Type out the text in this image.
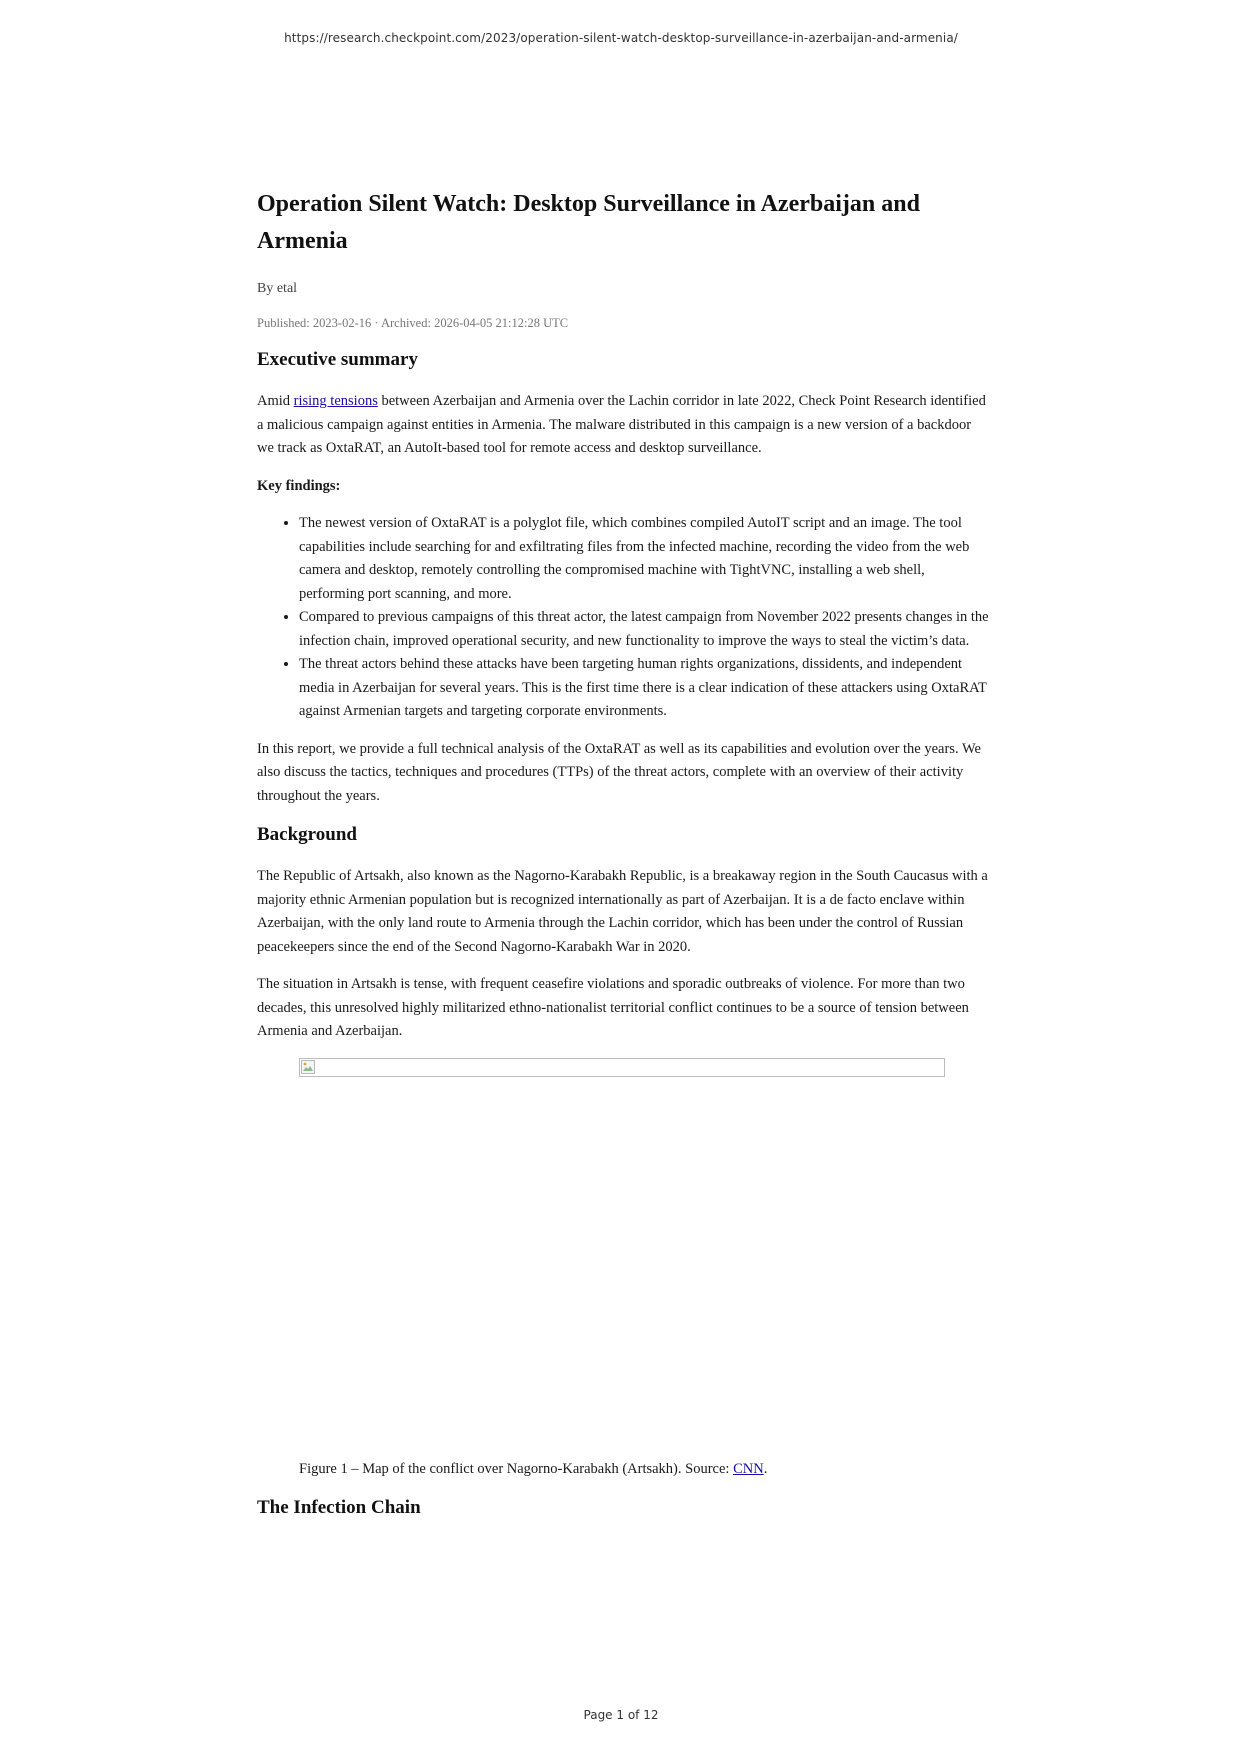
https://research.checkpoint.com/2023/operation-silent-watch-desktop-surveillance-in-azerbaijan-and-armenia/
Operation Silent Watch: Desktop Surveillance in Azerbaijan and Armenia
By etal
Published: 2023-02-16 · Archived: 2026-04-05 21:12:28 UTC
Executive summary

Amid rising tensions between Azerbaijan and Armenia over the Lachin corridor in late 2022, Check Point Research identified a malicious campaign against entities in Armenia. The malware distributed in this campaign is a new version of a backdoor we track as OxtaRAT, an AutoIt-based tool for remote access and desktop surveillance.

Key findings:
• The newest version of OxtaRAT is a polyglot file, which combines compiled AutoIT script and an image. The tool capabilities include searching for and exfiltrating files from the infected machine, recording the video from the web camera and desktop, remotely controlling the compromised machine with TightVNC, installing a web shell, performing port scanning, and more.
• Compared to previous campaigns of this threat actor, the latest campaign from November 2022 presents changes in the infection chain, improved operational security, and new functionality to improve the ways to steal the victim’s data.
• The threat actors behind these attacks have been targeting human rights organizations, dissidents, and independent media in Azerbaijan for several years. This is the first time there is a clear indication of these attackers using OxtaRAT against Armenian targets and targeting corporate environments.

In this report, we provide a full technical analysis of the OxtaRAT as well as its capabilities and evolution over the years. We also discuss the tactics, techniques and procedures (TTPs) of the threat actors, complete with an overview of their activity throughout the years.

Background

The Republic of Artsakh, also known as the Nagorno-Karabakh Republic, is a breakaway region in the South Caucasus with a majority ethnic Armenian population but is recognized internationally as part of Azerbaijan. It is a de facto enclave within Azerbaijan, with the only land route to Armenia through the Lachin corridor, which has been under the control of Russian peacekeepers since the end of the Second Nagorno-Karabakh War in 2020.

The situation in Artsakh is tense, with frequent ceasefire violations and sporadic outbreaks of violence. For more than two decades, this unresolved highly militarized ethno-nationalist territorial conflict continues to be a source of tension between Armenia and Azerbaijan.

Figure 1 – Map of the conflict over Nagorno-Karabakh (Artsakh). Source: CNN.

The Infection Chain
Page 1 of 12
